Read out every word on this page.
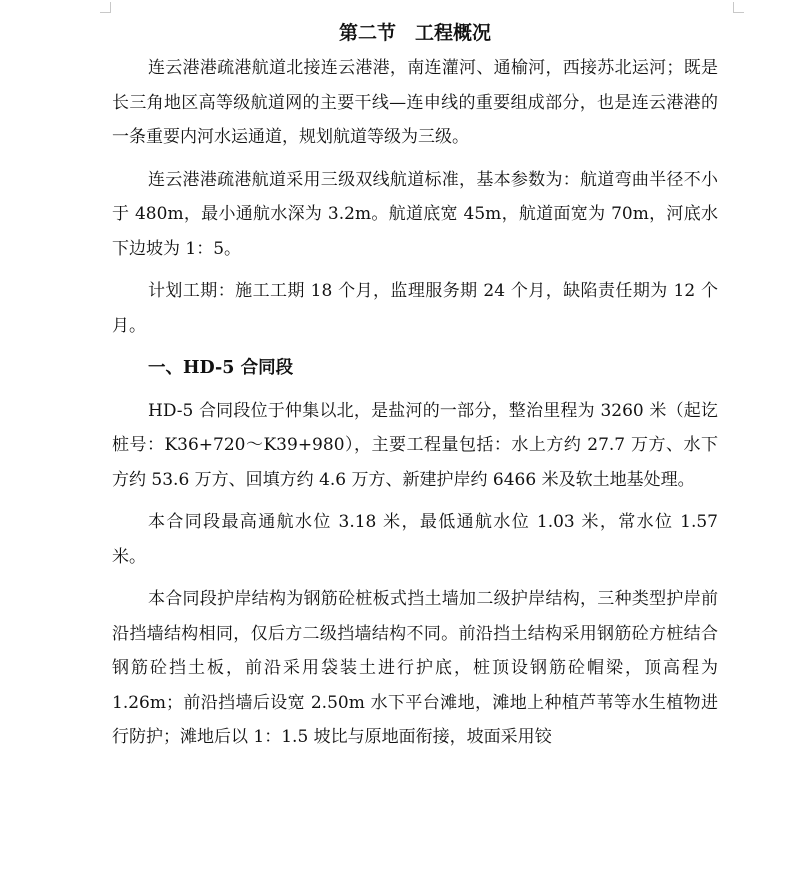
第二节　工程概况

连云港港疏港航道北接连云港港，南连灌河、通榆河，西接苏北运河；既是长三角地区高等级航道网的主要干线—连申线的重要组成部分，也是连云港港的一条重要内河水运通道，规划航道等级为三级。

连云港港疏港航道采用三级双线航道标准，基本参数为：航道弯曲半径不小于 480m，最小通航水深为 3.2m。航道底宽 45m，航道面宽为 70m，河底水下边坡为 1：5。

计划工期：施工工期 18 个月，监理服务期 24 个月，缺陷责任期为 12 个月。

一、HD-5 合同段

HD-5 合同段位于仲集以北，是盐河的一部分，整治里程为 3260 米（起讫桩号：K36+720～K39+980），主要工程量包括：水上方约 27.7 万方、水下方约 53.6 万方、回填方约 4.6 万方、新建护岸约 6466 米及软土地基处理。

本合同段最高通航水位 3.18 米，最低通航水位 1.03 米，常水位 1.57 米。

本合同段护岸结构为钢筋砼桩板式挡土墙加二级护岸结构，三种类型护岸前沿挡墙结构相同，仅后方二级挡墙结构不同。前沿挡土结构采用钢筋砼方桩结合钢筋砼挡土板，前沿采用袋装土进行护底，桩顶设钢筋砼帽梁，顶高程为 1.26m；前沿挡墙后设宽 2.50m 水下平台滩地，滩地上种植芦苇等水生植物进行防护；滩地后以 1：1.5 坡比与原地面衔接，坡面采用铰
